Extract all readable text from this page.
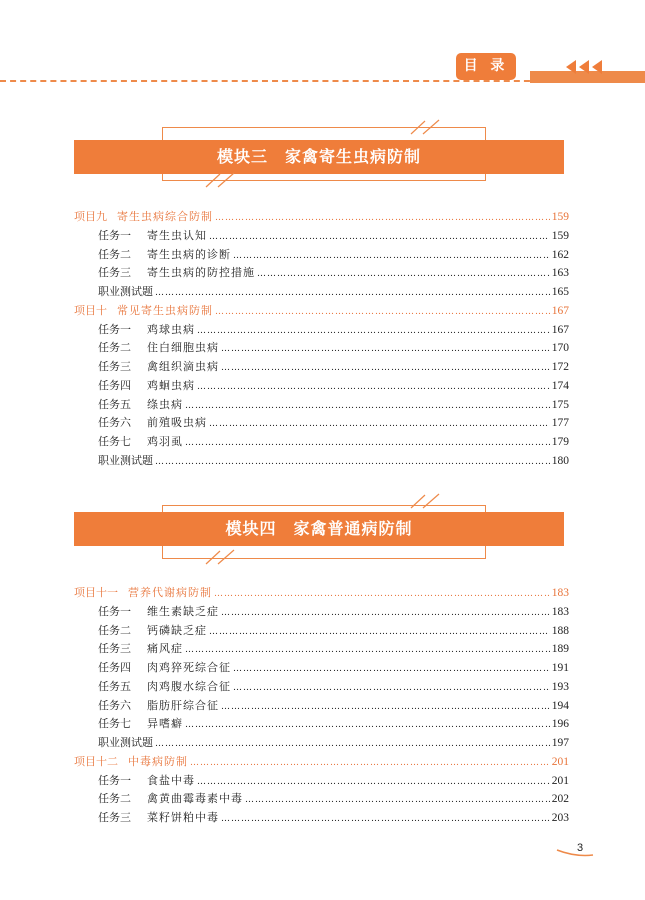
目 录
模块三　家禽寄生虫病防制
项目九 寄生虫病综合防制 …………………………………………………………………………………………………………………………………………………………………………………………	159
任务一 寄生虫认知 …………………………………………………………………………………………………………………………………………………………………………………………	159
任务二 寄生虫病的诊断 …………………………………………………………………………………………………………………………………………………………………………………………	162
任务三 寄生虫病的防控措施 …………………………………………………………………………………………………………………………………………………………………………………………	163
职业测试题 …………………………………………………………………………………………………………………………………………………………………………………………	165
项目十 常见寄生虫病防制 …………………………………………………………………………………………………………………………………………………………………………………………	167
任务一 鸡球虫病 …………………………………………………………………………………………………………………………………………………………………………………………	167
任务二 住白细胞虫病 …………………………………………………………………………………………………………………………………………………………………………………………	170
任务三 禽组织滴虫病 …………………………………………………………………………………………………………………………………………………………………………………………	172
任务四 鸡蛔虫病 …………………………………………………………………………………………………………………………………………………………………………………………	174
任务五 绦虫病 …………………………………………………………………………………………………………………………………………………………………………………………	175
任务六 前殖吸虫病 …………………………………………………………………………………………………………………………………………………………………………………………	177
任务七 鸡羽虱 …………………………………………………………………………………………………………………………………………………………………………………………	179
职业测试题 …………………………………………………………………………………………………………………………………………………………………………………………	180
模块四　家禽普通病防制
项目十一 营养代谢病防制 …………………………………………………………………………………………………………………………………………………………………………………………	183
任务一 维生素缺乏症 …………………………………………………………………………………………………………………………………………………………………………………………	183
任务二 钙磷缺乏症 …………………………………………………………………………………………………………………………………………………………………………………………	188
任务三 痛风症 …………………………………………………………………………………………………………………………………………………………………………………………	189
任务四 肉鸡猝死综合征 …………………………………………………………………………………………………………………………………………………………………………………………	191
任务五 肉鸡腹水综合征 …………………………………………………………………………………………………………………………………………………………………………………………	193
任务六 脂肪肝综合征 …………………………………………………………………………………………………………………………………………………………………………………………	194
任务七 异嗜癖 …………………………………………………………………………………………………………………………………………………………………………………………	196
职业测试题 …………………………………………………………………………………………………………………………………………………………………………………………	197
项目十二 中毒病防制 …………………………………………………………………………………………………………………………………………………………………………………………	201
任务一 食盐中毒 …………………………………………………………………………………………………………………………………………………………………………………………	201
任务二 禽黄曲霉毒素中毒 …………………………………………………………………………………………………………………………………………………………………………………………	202
任务三 菜籽饼粕中毒 …………………………………………………………………………………………………………………………………………………………………………………………	203
3
